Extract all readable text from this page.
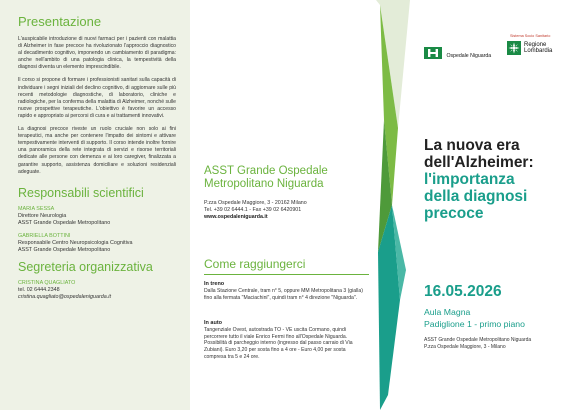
Presentazione

L'auspicabile introduzione di nuovi farmaci per i pazienti con malattia di Alzheimer in fase precoce ha rivoluzionato l'approccio diagnostico al decadimento cognitivo, imponendo un cambiamento di paradigma: anche nell'ambito di una patologia clinica, la tempestività della diagnosi diventa un elemento imprescindibile.

Il corso si propone di formare i professionisti sanitari sulla capacità di individuare i segni iniziali del declino cognitivo, di aggiornare sulle più recenti metodologie diagnostiche, di laboratorio, cliniche e radiologiche, per la conferma della malattia di Alzheimer, nonché sulle nuove prospettive terapeutiche. L'obiettivo è favorire un accesso rapido e appropriato ai percorsi di cura e ai trattamenti innovativi.

La diagnosi precoce riveste un ruolo cruciale non solo ai fini terapeutici, ma anche per contenere l'impatto dei sintomi e attivare tempestivamente interventi di supporto. Il corso intende inoltre fornire una panoramica della rete integrata di servizi e risorse territoriali dedicate alle persone con demenza e ai loro caregiver, finalizzata a garantire supporto, assistenza domiciliare e soluzioni residenziali adeguate.

Responsabili scientifici

MARIA SESSA

Direttore Neurologia

ASST Grande Ospedale Metropolitano

GABRIELLA BOTTINI

Responsabile Centro Neuropsicologia Cognitiva

ASST Grande Ospedale Metropolitano

Segreteria organizzativa

CRISTINA QUAGLIATO

tel. 02 6444.2348

cristina.quagliato@ospedaleniguarda.it

ASST Grande Ospedale
Metropolitano Niguarda

P.zza Ospedale Maggiore, 3 - 20162 Milano
Tel. +39 02 6444.1 - Fax +39 02 6420901
www.ospedaleniguarda.it

Come raggiungerci

In treno
Dalla Stazione Centrale, tram n° 5, oppure MM Metropolitana 3 (gialla) fino alla fermata "Maciachini", quindi tram n° 4 direzione "Niguarda".

In auto
Tangenziale Ovest, autostrada TO - VE uscita Cormano, quindi percorrere tutto il viale Enrico Fermi fino all'Ospedale Niguarda. Possibilità di parcheggio interno (ingresso dal passo carraio di Via Zubiani). Euro 3,20 per sosta fino a 4 ore - Euro 4,00 per sosta compresa tra 5 e 24 ore.

Ospedale Niguarda
Sistema Socio Sanitario
Regione
Lombardia
La nuova era
dell'Alzheimer:
l'importanza
della diagnosi
precoce

16.05.2026

Aula Magna

Padiglione 1 - primo piano

ASST Grande Ospedale Metropolitano Niguarda
P.zza Ospedale Maggiore, 3 - Milano
